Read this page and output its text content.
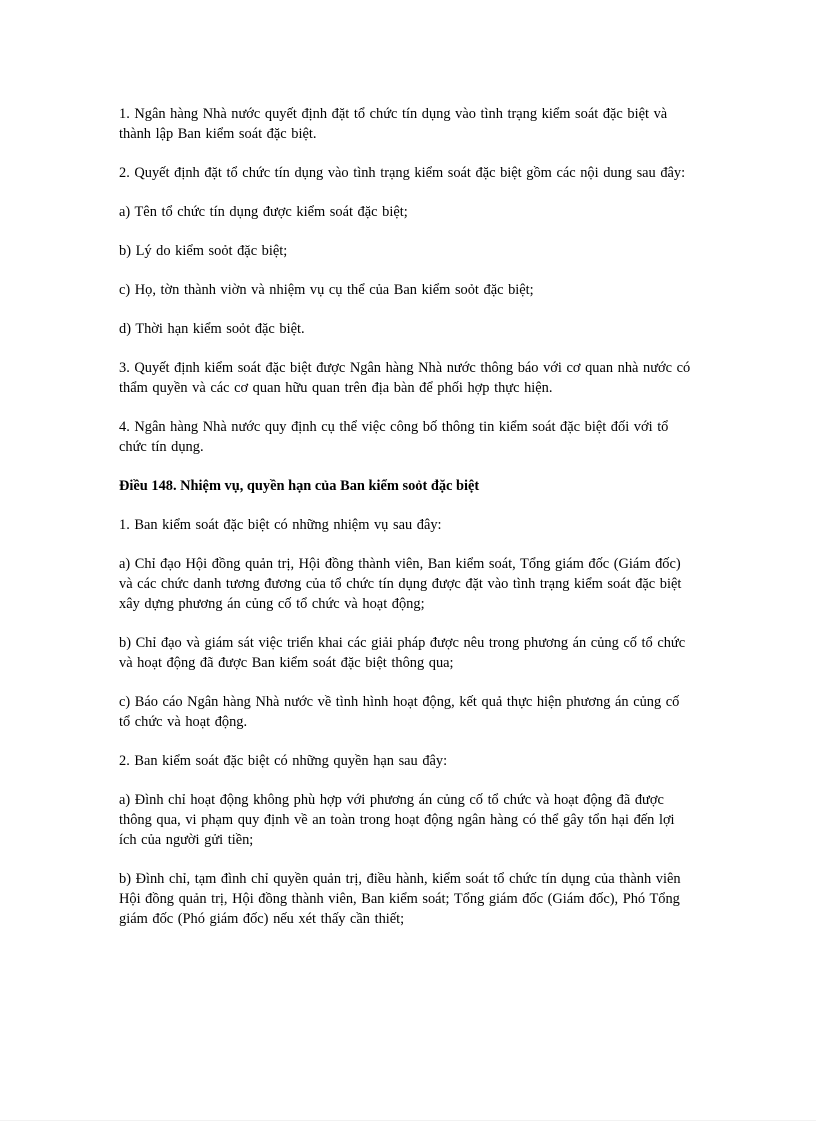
1. Ngân hàng Nhà nước quyết định đặt tổ chức tín dụng vào tình trạng kiểm soát đặc biệt và thành lập Ban kiểm soát đặc biệt.

2. Quyết định đặt tổ chức tín dụng vào tình trạng kiểm soát đặc biệt gồm các nội dung sau đây:

a) Tên tổ chức tín dụng được kiểm soát đặc biệt;

b) Lý do kiểm soỏt đặc biệt;

c) Họ, tờn thành viờn và nhiệm vụ cụ thể của Ban kiểm soỏt đặc biệt;

d) Thời hạn kiểm soỏt đặc biệt.

3. Quyết định kiểm soát đặc biệt được Ngân hàng Nhà nước thông báo với cơ quan nhà nước có thẩm quyền và các cơ quan hữu quan trên địa bàn để phối hợp thực hiện.

4. Ngân hàng Nhà nước quy định cụ thể việc công bố thông tin kiểm soát đặc biệt đối với tổ chức tín dụng.

Điều 148. Nhiệm vụ, quyền hạn của Ban kiểm soỏt đặc biệt

1. Ban kiểm soát đặc biệt có những nhiệm vụ sau đây:

a) Chỉ đạo Hội đồng quản trị, Hội đồng thành viên, Ban kiểm soát, Tổng giám đốc (Giám đốc) và các chức danh tương đương của tổ chức tín dụng được đặt vào tình trạng kiểm soát đặc biệt xây dựng phương án củng cố tổ chức và hoạt động;

b) Chỉ đạo và giám sát việc triển khai các giải pháp được nêu trong phương án củng cố tổ chức và hoạt động đã được Ban kiểm soát đặc biệt thông qua;

c) Báo cáo Ngân hàng Nhà nước về tình hình hoạt động, kết quả thực hiện phương án củng cố tổ chức và hoạt động.

2. Ban kiểm soát đặc biệt có những quyền hạn sau đây:

a) Đình chỉ hoạt động không phù hợp với phương án củng cố tổ chức và hoạt động đã được thông qua, vi phạm quy định về an toàn trong hoạt động ngân hàng có thể gây tổn hại đến lợi ích của người gửi tiền;

b) Đình chỉ, tạm đình chỉ quyền quản trị, điều hành, kiểm soát tổ chức tín dụng của thành viên Hội đồng quản trị, Hội đồng thành viên, Ban kiểm soát; Tổng giám đốc (Giám đốc), Phó Tổng giám đốc (Phó giám đốc) nếu xét thấy cần thiết;
